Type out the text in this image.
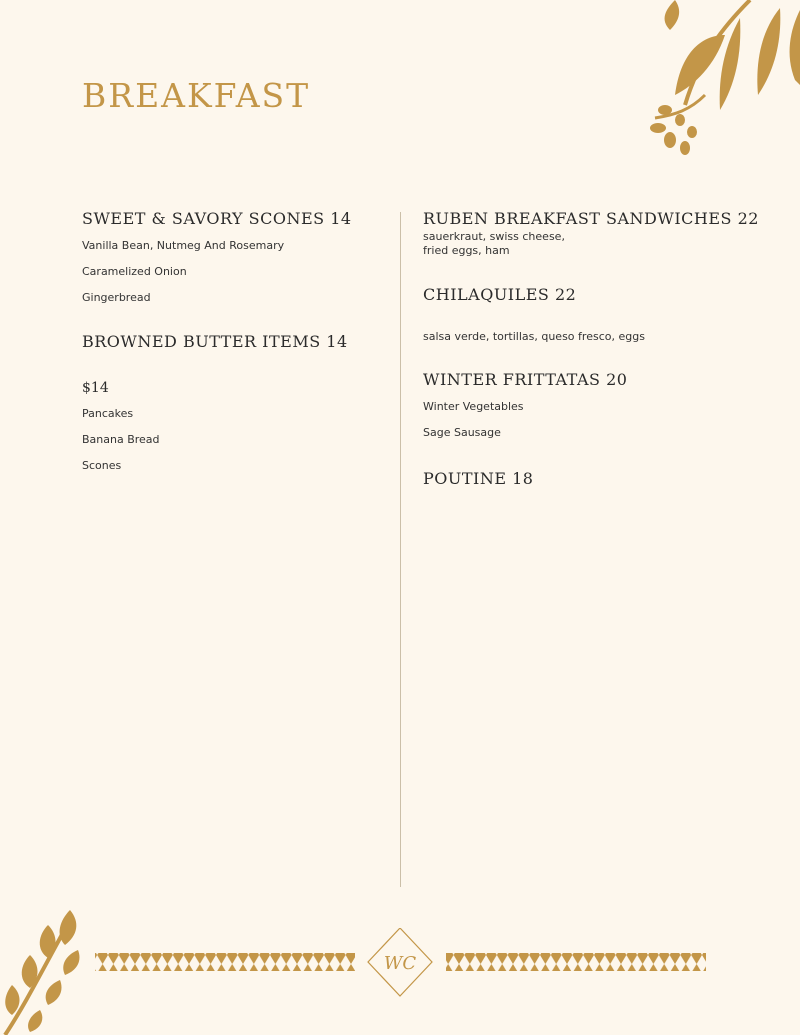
BREAKFAST
SWEET & SAVORY SCONES 14
Vanilla Bean, Nutmeg And Rosemary
Caramelized Onion
Gingerbread
BROWNED BUTTER ITEMS 14
$14
Pancakes
Banana Bread
Scones
RUBEN BREAKFAST SANDWICHES 22
sauerkraut, swiss cheese,
fried eggs, ham
CHILAQUILES 22
salsa verde, tortillas, queso fresco, eggs
WINTER FRITTATAS 20
Winter Vegetables
Sage Sausage
POUTINE 18
WC
